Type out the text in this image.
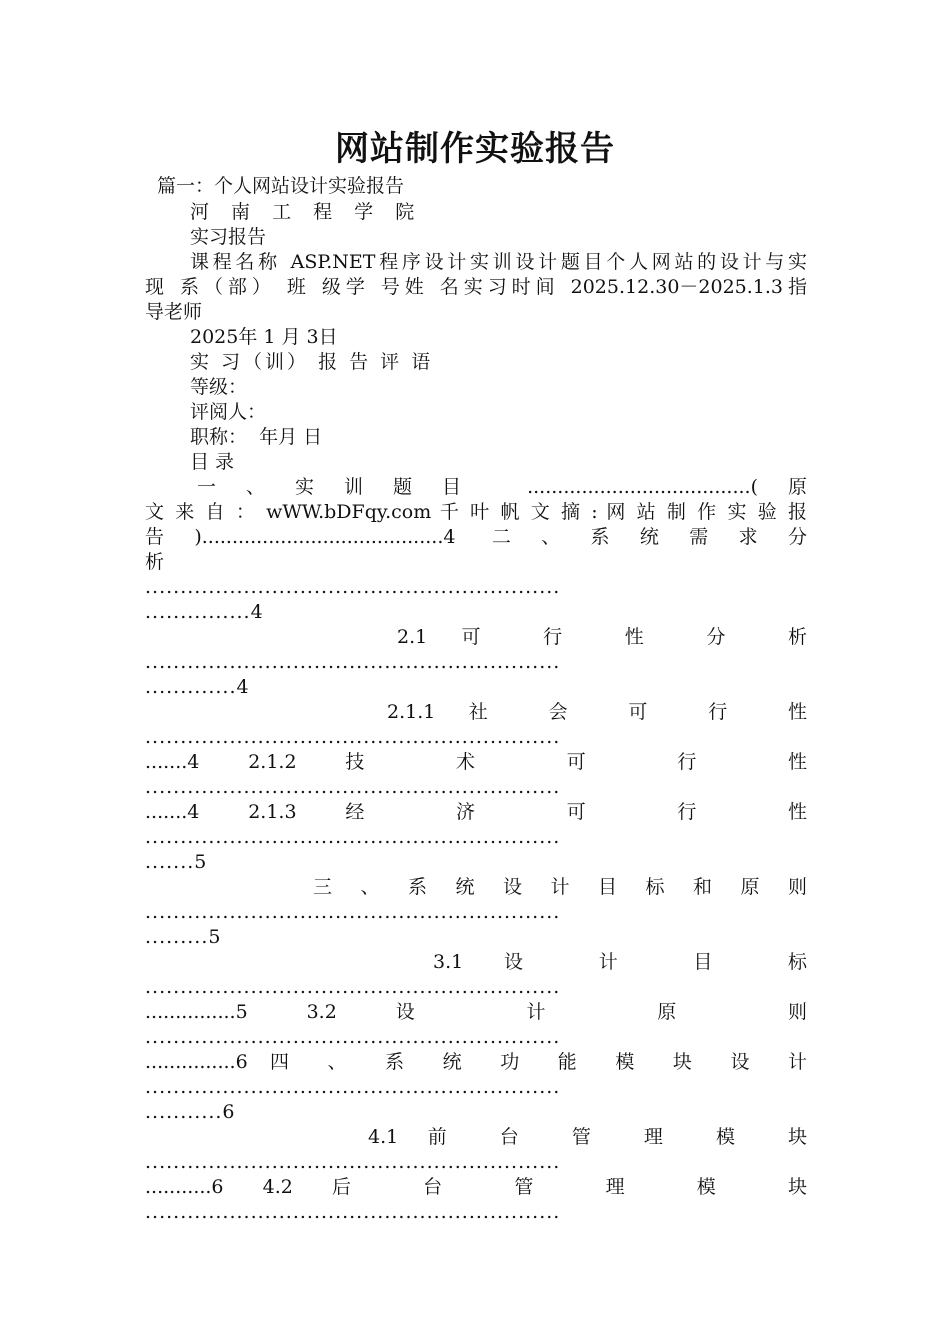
网站制作实验报告
篇一：个人网站设计实验报告
河 南 工 程 学 院
实习报告
课程名称 ASP.NET程序设计实训设计题目个人网站的设计与实
现 系（部） 班 级学 号姓 名实习时间 2025.12.30－2025.1.3指
导老师
2025年 1 月 3日
实 习（训） 报 告 评 语
等级：
评阅人：
职称：  年月 日
目 录
一、实训题目 .....................................(原
文 来 自 ： wWW.bDFqy.com 千 叶 帆 文 摘 : 网 站 制 作 实 验 报
告)........................................4 二、系统需求分
析
...........................................................
...............4
2.1 可 行 性 分 析
...........................................................
.............4
2.1.1 社 会 可 行 性
...........................................................
.......4 2.1.2 技 术 可 行 性
...........................................................
.......4 2.1.3 经 济 可 行 性
...........................................................
.......5
三 、 系 统 设 计 目 标 和 原 则
...........................................................
.........5
3.1 设 计 目 标
...........................................................
...............5 3.2 设 计 原 则
...........................................................
...............6 四 、 系 统 功 能 模 块 设 计
...........................................................
...........6
4.1 前 台 管 理 模 块
...........................................................
...........6 4.2 后 台 管 理 模 块
...........................................................
